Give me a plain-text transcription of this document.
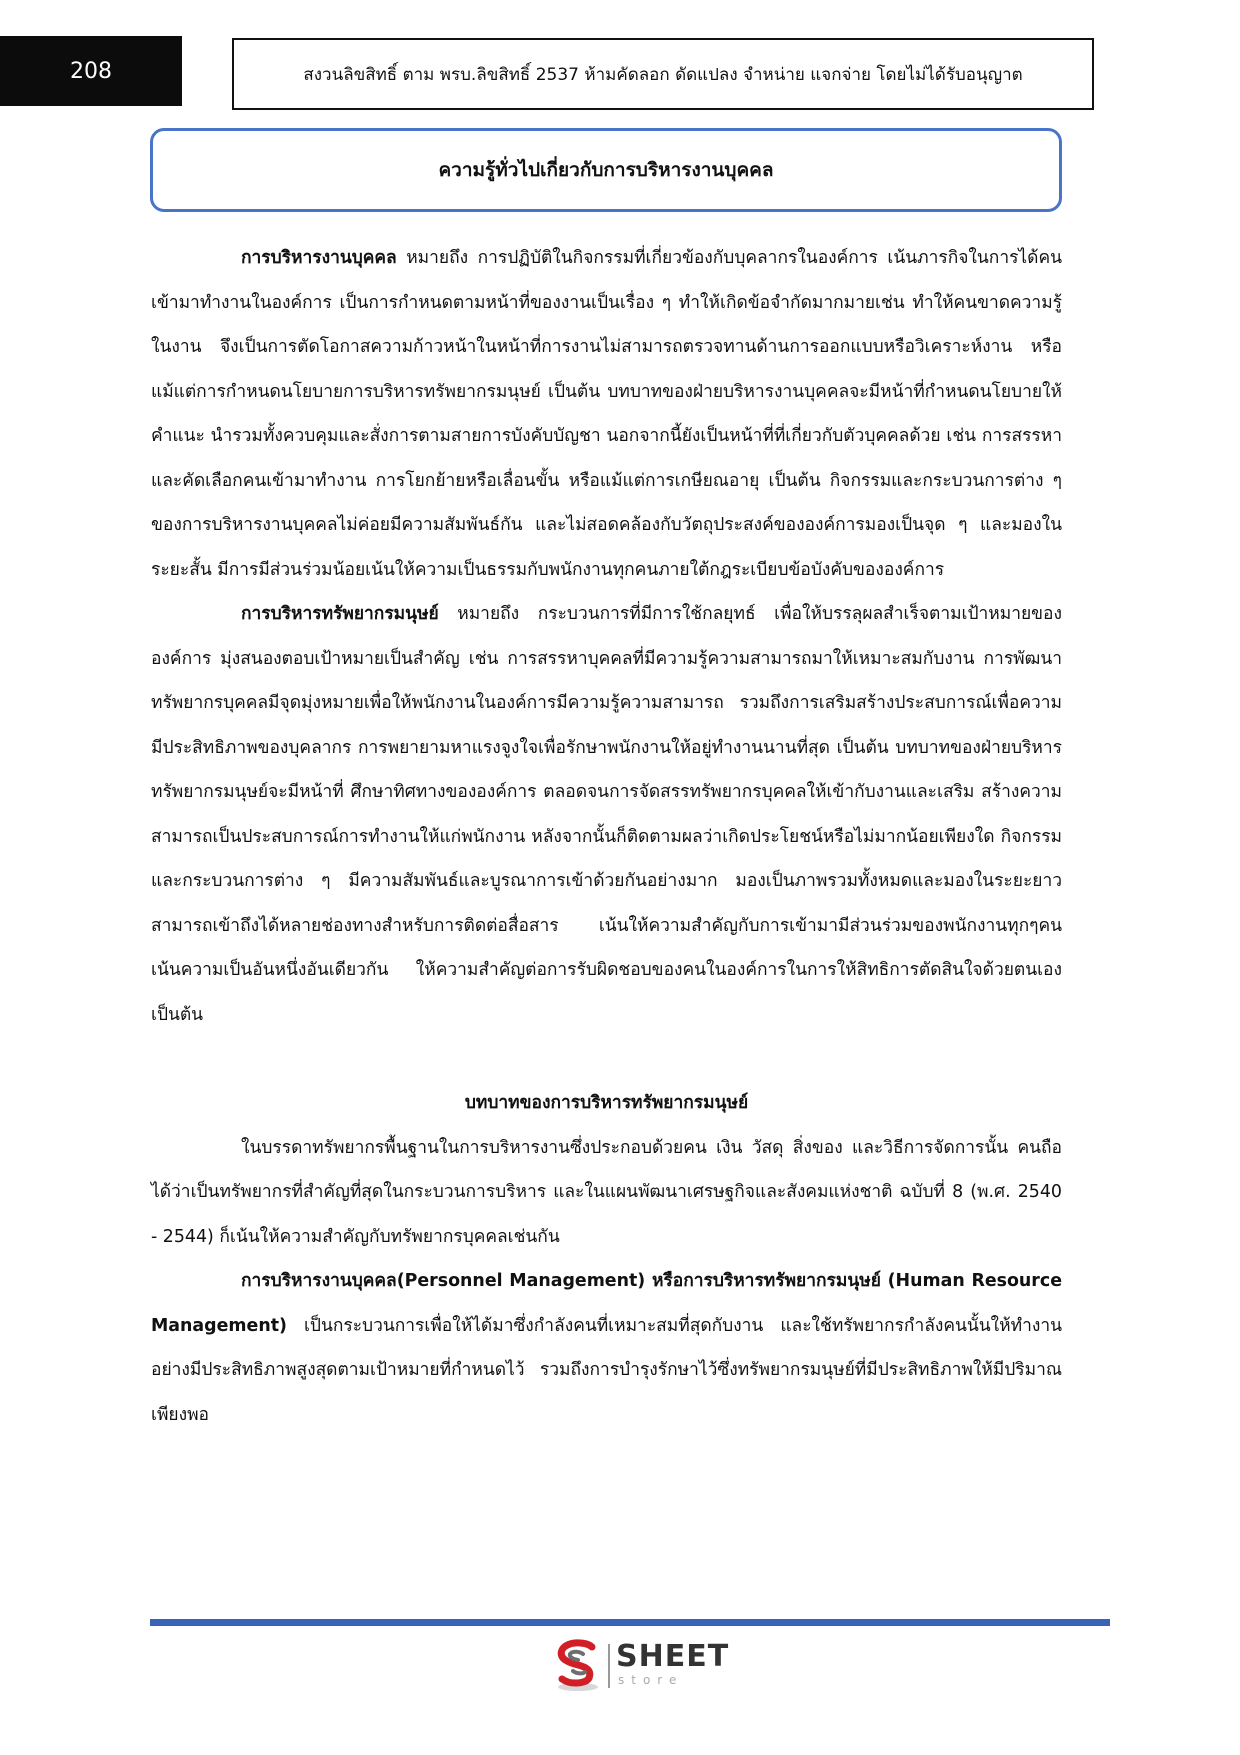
208	สงวนลิขสิทธิ์ ตาม พรบ.ลิขสิทธิ์ 2537 ห้ามคัดลอก ดัดแปลง จำหน่าย แจกจ่าย โดยไม่ได้รับอนุญาต
ความรู้ทั่วไปเกี่ยวกับการบริหารงานบุคคล

การบริหารงานบุคคล หมายถึง การปฏิบัติในกิจกรรมที่เกี่ยวข้องกับบุคลากรในองค์การ เน้นภารกิจในการได้คนเข้ามาทำงานในองค์การ เป็นการกำหนดตามหน้าที่ของงานเป็นเรื่อง ๆ ทำให้เกิดข้อจำกัดมากมายเช่น ทำให้คนขาดความรู้ในงาน จึงเป็นการตัดโอกาสความก้าวหน้าในหน้าที่การงานไม่สามารถตรวจทานด้านการออกแบบหรือวิเคราะห์งาน หรือแม้แต่การกำหนดนโยบายการบริหารทรัพยากรมนุษย์ เป็นต้น บทบาทของฝ่ายบริหารงานบุคคลจะมีหน้าที่กำหนดนโยบายให้คำแนะ นำรวมทั้งควบคุมและสั่งการตามสายการบังคับบัญชา นอกจากนี้ยังเป็นหน้าที่ที่เกี่ยวกับตัวบุคคลด้วย เช่น การสรรหาและคัดเลือกคนเข้ามาทำงาน การโยกย้ายหรือเลื่อนขั้น หรือแม้แต่การเกษียณอายุ เป็นต้น กิจกรรมและกระบวนการต่าง ๆ ของการบริหารงานบุคคลไม่ค่อยมีความสัมพันธ์กัน และไม่สอดคล้องกับวัตถุประสงค์ขององค์การมองเป็นจุด ๆ และมองในระยะสั้น มีการมีส่วนร่วมน้อยเน้นให้ความเป็นธรรมกับพนักงานทุกคนภายใต้กฎระเบียบข้อบังคับขององค์การ

การบริหารทรัพยากรมนุษย์ หมายถึง กระบวนการที่มีการใช้กลยุทธ์ เพื่อให้บรรลุผลสำเร็จตามเป้าหมายขององค์การ มุ่งสนองตอบเป้าหมายเป็นสำคัญ เช่น การสรรหาบุคคลที่มีความรู้ความสามารถมาให้เหมาะสมกับงาน การพัฒนาทรัพยากรบุคคลมีจุดมุ่งหมายเพื่อให้พนักงานในองค์การมีความรู้ความสามารถ รวมถึงการเสริมสร้างประสบการณ์เพื่อความมีประสิทธิภาพของบุคลากร การพยายามหาแรงจูงใจเพื่อรักษาพนักงานให้อยู่ทำงานนานที่สุด เป็นต้น บทบาทของฝ่ายบริหารทรัพยากรมนุษย์จะมีหน้าที่ ศึกษาทิศทางขององค์การ ตลอดจนการจัดสรรทรัพยากรบุคคลให้เข้ากับงานและเสริม สร้างความสามารถเป็นประสบการณ์การทำงานให้แก่พนักงาน หลังจากนั้นก็ติดตามผลว่าเกิดประโยชน์หรือไม่มากน้อยเพียงใด กิจกรรมและกระบวนการต่าง ๆ มีความสัมพันธ์และบูรณาการเข้าด้วยกันอย่างมาก มองเป็นภาพรวมทั้งหมดและมองในระยะยาว สามารถเข้าถึงได้หลายช่องทางสำหรับการติดต่อสื่อสาร เน้นให้ความสำคัญกับการเข้ามามีส่วนร่วมของพนักงานทุกๆคน เน้นความเป็นอันหนึ่งอันเดียวกัน ให้ความสำคัญต่อการรับผิดชอบของคนในองค์การในการให้สิทธิการตัดสินใจด้วยตนเอง เป็นต้น

บทบาทของการบริหารทรัพยากรมนุษย์

ในบรรดาทรัพยากรพื้นฐานในการบริหารงานซึ่งประกอบด้วยคน เงิน วัสดุ สิ่งของ และวิธีการจัดการนั้น คนถือได้ว่าเป็นทรัพยากรที่สำคัญที่สุดในกระบวนการบริหาร และในแผนพัฒนาเศรษฐกิจและสังคมแห่งชาติ ฉบับที่ 8 (พ.ศ. 2540 - 2544) ก็เน้นให้ความสำคัญกับทรัพยากรบุคคลเช่นกัน

การบริหารงานบุคคล(Personnel Management) หรือการบริหารทรัพยากรมนุษย์ (Human Resource Management) เป็นกระบวนการเพื่อให้ได้มาซึ่งกำลังคนที่เหมาะสมที่สุดกับงาน และใช้ทรัพยากรกำลังคนนั้นให้ทำงานอย่างมีประสิทธิภาพสูงสุดตามเป้าหมายที่กำหนดไว้ รวมถึงการบำรุงรักษาไว้ซึ่งทรัพยากรมนุษย์ที่มีประสิทธิภาพให้มีปริมาณเพียงพอ

SHEET
store
